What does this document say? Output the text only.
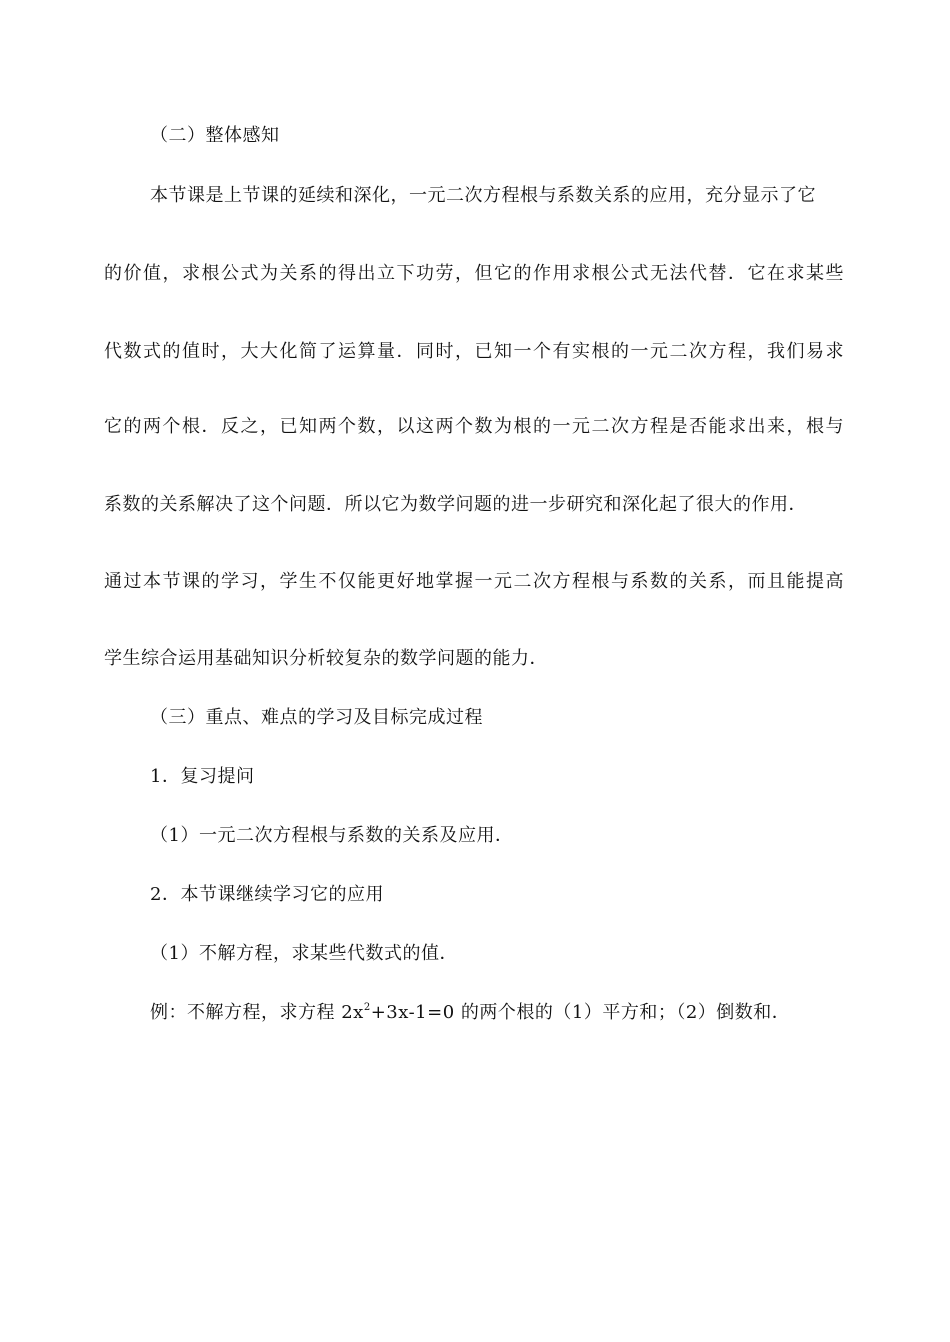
（二）整体感知
本节课是上节课的延续和深化，一元二次方程根与系数关系的应用，充分显示了它
的价值，求根公式为关系的得出立下功劳，但它的作用求根公式无法代替．它在求某些
代数式的值时，大大化简了运算量．同时，已知一个有实根的一元二次方程，我们易求
它的两个根．反之，已知两个数，以这两个数为根的一元二次方程是否能求出来，根与
系数的关系解决了这个问题．所以它为数学问题的进一步研究和深化起了很大的作用．
通过本节课的学习，学生不仅能更好地掌握一元二次方程根与系数的关系，而且能提高
学生综合运用基础知识分析较复杂的数学问题的能力．
（三）重点、难点的学习及目标完成过程
1．复习提问
（1）一元二次方程根与系数的关系及应用．
2．本节课继续学习它的应用
（1）不解方程，求某些代数式的值．
例：不解方程，求方程 $2x^2+3x-1=0$ 的两个根的（1）平方和；（2）倒数和．
